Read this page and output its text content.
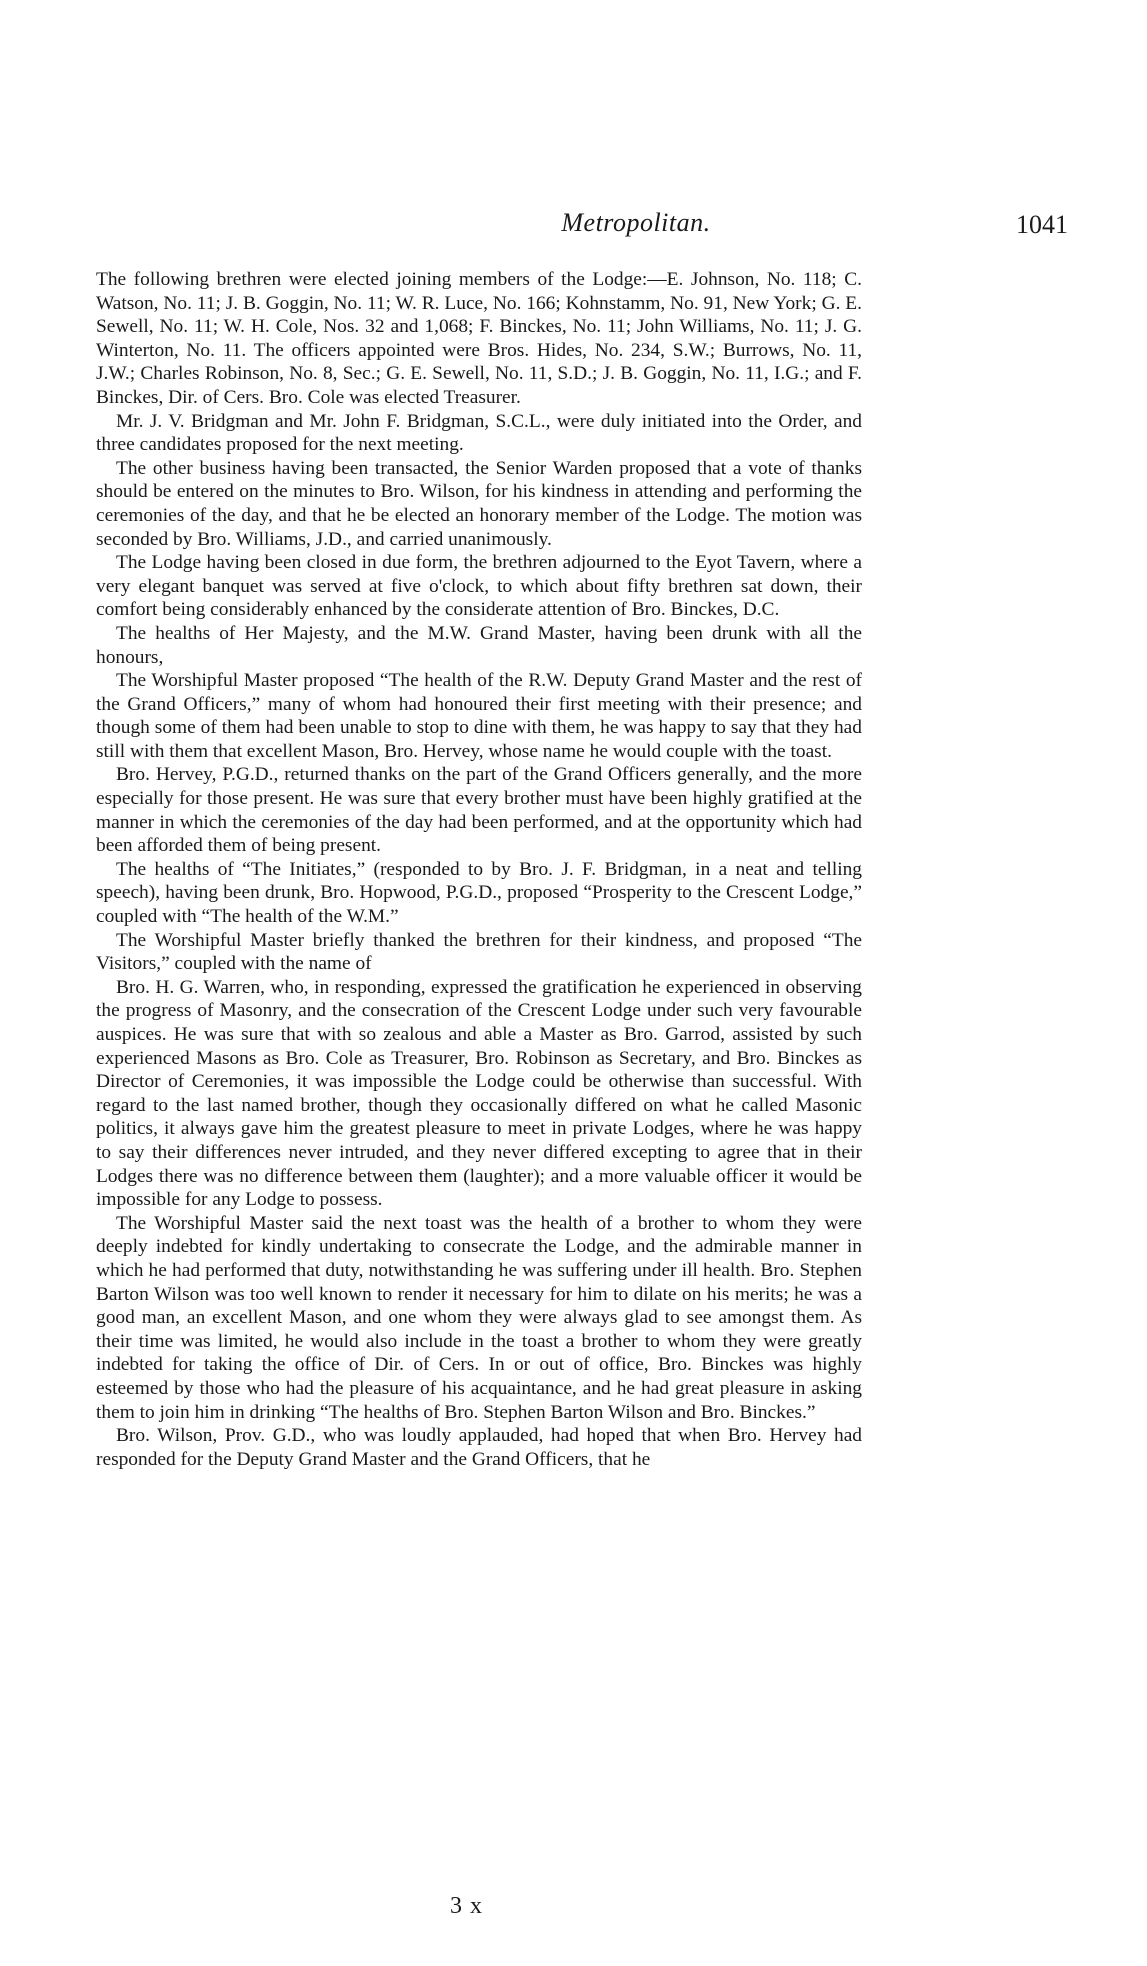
Metropolitan.	1041

The following brethren were elected joining members of the Lodge:—E. Johnson, No. 118; C. Watson, No. 11; J. B. Goggin, No. 11; W. R. Luce, No. 166; Kohnstamm, No. 91, New York; G. E. Sewell, No. 11; W. H. Cole, Nos. 32 and 1,068; F. Binckes, No. 11; John Williams, No. 11; J. G. Winterton, No. 11. The officers appointed were Bros. Hides, No. 234, S.W.; Burrows, No. 11, J.W.; Charles Robinson, No. 8, Sec.; G. E. Sewell, No. 11, S.D.; J. B. Goggin, No. 11, I.G.; and F. Binckes, Dir. of Cers. Bro. Cole was elected Treasurer.

Mr. J. V. Bridgman and Mr. John F. Bridgman, S.C.L., were duly initiated into the Order, and three candidates proposed for the next meeting.

The other business having been transacted, the Senior Warden proposed that a vote of thanks should be entered on the minutes to Bro. Wilson, for his kindness in attending and performing the ceremonies of the day, and that he be elected an honorary member of the Lodge. The motion was seconded by Bro. Williams, J.D., and carried unanimously.

The Lodge having been closed in due form, the brethren adjourned to the Eyot Tavern, where a very elegant banquet was served at five o'clock, to which about fifty brethren sat down, their comfort being considerably enhanced by the considerate attention of Bro. Binckes, D.C.

The healths of Her Majesty, and the M.W. Grand Master, having been drunk with all the honours,

The Worshipful Master proposed “The health of the R.W. Deputy Grand Master and the rest of the Grand Officers,” many of whom had honoured their first meeting with their presence; and though some of them had been unable to stop to dine with them, he was happy to say that they had still with them that excellent Mason, Bro. Hervey, whose name he would couple with the toast.

Bro. Hervey, P.G.D., returned thanks on the part of the Grand Officers generally, and the more especially for those present. He was sure that every brother must have been highly gratified at the manner in which the ceremonies of the day had been performed, and at the opportunity which had been afforded them of being present.

The healths of “The Initiates,” (responded to by Bro. J. F. Bridgman, in a neat and telling speech), having been drunk, Bro. Hopwood, P.G.D., proposed “Prosperity to the Crescent Lodge,” coupled with “The health of the W.M.”

The Worshipful Master briefly thanked the brethren for their kindness, and proposed “The Visitors,” coupled with the name of

Bro. H. G. Warren, who, in responding, expressed the gratification he experienced in observing the progress of Masonry, and the consecration of the Crescent Lodge under such very favourable auspices. He was sure that with so zealous and able a Master as Bro. Garrod, assisted by such experienced Masons as Bro. Cole as Treasurer, Bro. Robinson as Secretary, and Bro. Binckes as Director of Ceremonies, it was impossible the Lodge could be otherwise than successful. With regard to the last named brother, though they occasionally differed on what he called Masonic politics, it always gave him the greatest pleasure to meet in private Lodges, where he was happy to say their differences never intruded, and they never differed excepting to agree that in their Lodges there was no difference between them (laughter); and a more valuable officer it would be impossible for any Lodge to possess.

The Worshipful Master said the next toast was the health of a brother to whom they were deeply indebted for kindly undertaking to consecrate the Lodge, and the admirable manner in which he had performed that duty, notwithstanding he was suffering under ill health. Bro. Stephen Barton Wilson was too well known to render it necessary for him to dilate on his merits; he was a good man, an excellent Mason, and one whom they were always glad to see amongst them. As their time was limited, he would also include in the toast a brother to whom they were greatly indebted for taking the office of Dir. of Cers. In or out of office, Bro. Binckes was highly esteemed by those who had the pleasure of his acquaintance, and he had great pleasure in asking them to join him in drinking “The healths of Bro. Stephen Barton Wilson and Bro. Binckes.”

Bro. Wilson, Prov. G.D., who was loudly applauded, had hoped that when Bro. Hervey had responded for the Deputy Grand Master and the Grand Officers, that he

3 x
